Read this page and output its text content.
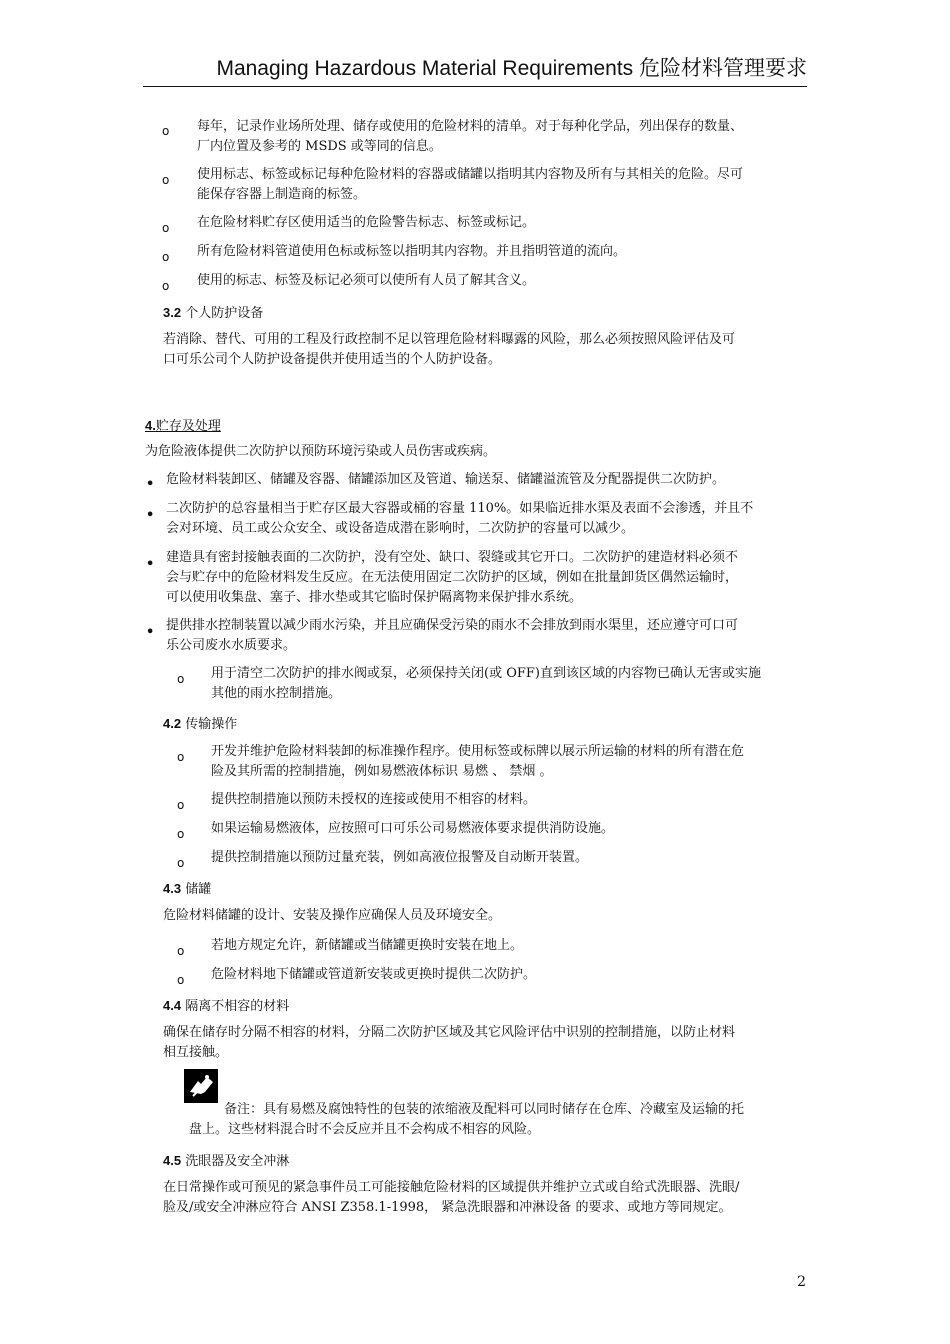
Managing Hazardous Material Requirements 危险材料管理要求
o 每年，记录作业场所处理、储存或使用的危险材料的清单。对于每种化学品，列出保存的数量、
厂内位置及参考的 MSDS 或等同的信息。
o 使用标志、标签或标记每种危险材料的容器或储罐以指明其内容物及所有与其相关的危险。尽可
能保存容器上制造商的标签。
o 在危险材料贮存区使用适当的危险警告标志、标签或标记。
o 所有危险材料管道使用色标或标签以指明其内容物。并且指明管道的流向。
o 使用的标志、标签及标记必须可以使所有人员了解其含义。
3.2 个人防护设备
若消除、替代、可用的工程及行政控制不足以管理危险材料曝露的风险，那么必须按照风险评估及可
口可乐公司个人防护设备提供并使用适当的个人防护设备。
4.贮存及处理
为危险液体提供二次防护以预防环境污染或人员伤害或疾病。
• 危险材料装卸区、储罐及容器、储罐添加区及管道、输送泵、储罐溢流管及分配器提供二次防护。
• 二次防护的总容量相当于贮存区最大容器或桶的容量 110%。如果临近排水渠及表面不会渗透，并且不
会对环境、员工或公众安全、或设备造成潜在影响时，二次防护的容量可以减少。
• 建造具有密封接触表面的二次防护，没有空处、缺口、裂缝或其它开口。二次防护的建造材料必须不
会与贮存中的危险材料发生反应。在无法使用固定二次防护的区域，例如在批量卸货区偶然运输时，
可以使用收集盘、塞子、排水垫或其它临时保护隔离物来保护排水系统。
• 提供排水控制装置以减少雨水污染，并且应确保受污染的雨水不会排放到雨水渠里，还应遵守可口可
乐公司废水水质要求。
o 用于清空二次防护的排水阀或泵，必须保持关闭(或 OFF)直到该区域的内容物已确认无害或实施
其他的雨水控制措施。
4.2 传输操作
o 开发并维护危险材料装卸的标准操作程序。使用标签或标牌以展示所运输的材料的所有潜在危
险及其所需的控制措施，例如易燃液体标识 易燃 、 禁烟 。
o 提供控制措施以预防未授权的连接或使用不相容的材料。
o 如果运输易燃液体，应按照可口可乐公司易燃液体要求提供消防设施。
o 提供控制措施以预防过量充装，例如高液位报警及自动断开装置。
4.3 储罐
危险材料储罐的设计、安装及操作应确保人员及环境安全。
o 若地方规定允许，新储罐或当储罐更换时安装在地上。
o 危险材料地下储罐或管道新安装或更换时提供二次防护。
4.4 隔离不相容的材料
确保在储存时分隔不相容的材料，分隔二次防护区域及其它风险评估中识别的控制措施，以防止材料
相互接触。
备注：具有易燃及腐蚀特性的包装的浓缩液及配料可以同时储存在仓库、冷藏室及运输的托
盘上。这些材料混合时不会反应并且不会构成不相容的风险。
4.5 洗眼器及安全冲淋
在日常操作或可预见的紧急事件员工可能接触危险材料的区域提供并维护立式或自给式洗眼器、洗眼/
脸及/或安全冲淋应符合 ANSI Z358.1-1998， 紧急洗眼器和冲淋设备 的要求、或地方等同规定。
2
